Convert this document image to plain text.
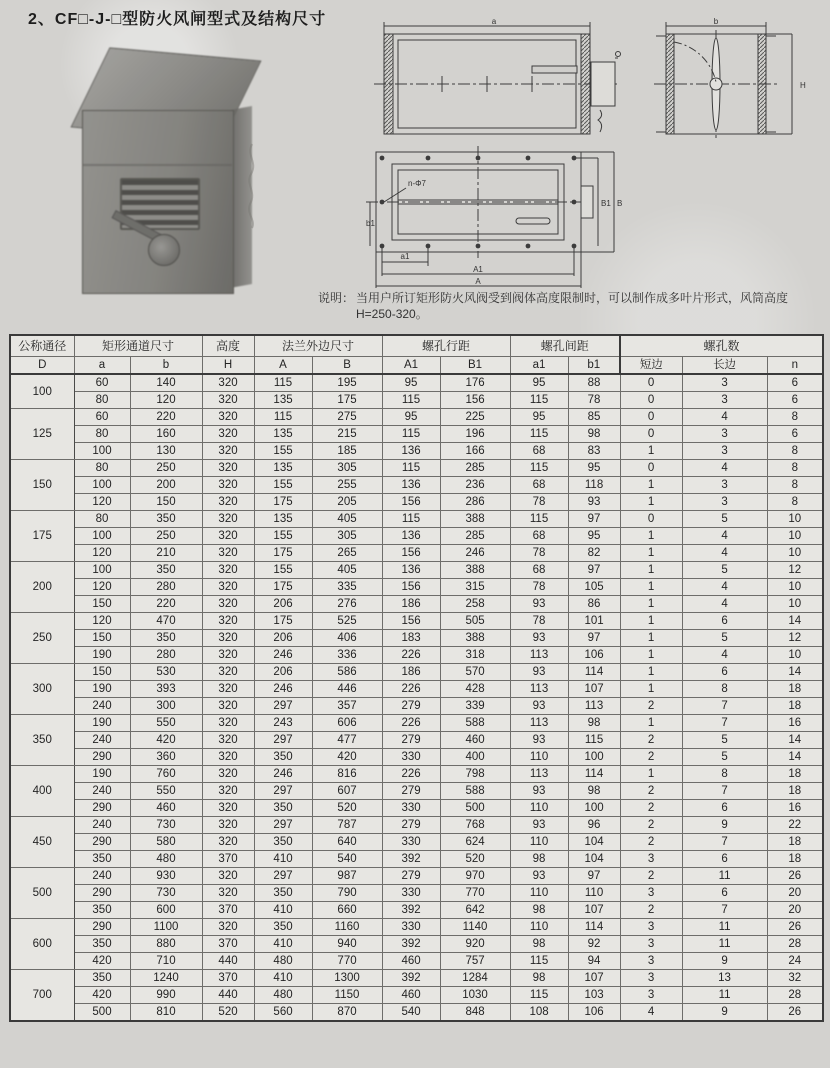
2、CF□-J-□型防火风闸型式及结构尺寸	a	b
H
n-Φ7
a1
A1
A
b1
B1 B
说明： 当用户所订矩形防火风阀受到阀体高度限制时，可以制作成多叶片形式，风筒高度H=250-320。
公称通径	矩形通道尺寸		高度	法兰外边尺寸		螺孔行距		螺孔间距		螺孔数		
D	a	b	H	A	B	A1	B1	a1	b1	短边	长边	n
100	60	140	320	115	195	95	176	95	88	0	3	6
	80	120	320	135	175	115	156	115	78	0	3	6
125	60	220	320	115	275	95	225	95	85	0	4	8
	80	160	320	135	215	115	196	115	98	0	3	6
	100	130	320	155	185	136	166	68	83	1	3	8
150	80	250	320	135	305	115	285	115	95	0	4	8
	100	200	320	155	255	136	236	68	118	1	3	8
	120	150	320	175	205	156	286	78	93	1	3	8
175	80	350	320	135	405	115	388	115	97	0	5	10
	100	250	320	155	305	136	285	68	95	1	4	10
	120	210	320	175	265	156	246	78	82	1	4	10
200	100	350	320	155	405	136	388	68	97	1	5	12
	120	280	320	175	335	156	315	78	105	1	4	10
	150	220	320	206	276	186	258	93	86	1	4	10
250	120	470	320	175	525	156	505	78	101	1	6	14
	150	350	320	206	406	183	388	93	97	1	5	12
	190	280	320	246	336	226	318	113	106	1	4	10
300	150	530	320	206	586	186	570	93	114	1	6	14
	190	393	320	246	446	226	428	113	107	1	8	18
	240	300	320	297	357	279	339	93	113	2	7	18
350	190	550	320	243	606	226	588	113	98	1	7	16
	240	420	320	297	477	279	460	93	115	2	5	14
	290	360	320	350	420	330	400	110	100	2	5	14
400	190	760	320	246	816	226	798	113	114	1	8	18
	240	550	320	297	607	279	588	93	98	2	7	18
	290	460	320	350	520	330	500	110	100	2	6	16
450	240	730	320	297	787	279	768	93	96	2	9	22
	290	580	320	350	640	330	624	110	104	2	7	18
	350	480	370	410	540	392	520	98	104	3	6	18
500	240	930	320	297	987	279	970	93	97	2	11	26
	290	730	320	350	790	330	770	110	110	3	6	20
	350	600	370	410	660	392	642	98	107	2	7	20
600	290	1100	320	350	1160	330	1140	110	114	3	11	26
	350	880	370	410	940	392	920	98	92	3	11	28
	420	710	440	480	770	460	757	115	94	3	9	24
700	350	1240	370	410	1300	392	1284	98	107	3	13	32
	420	990	440	480	1150	460	1030	115	103	3	11	28
	500	810	520	560	870	540	848	108	106	4	9	26
